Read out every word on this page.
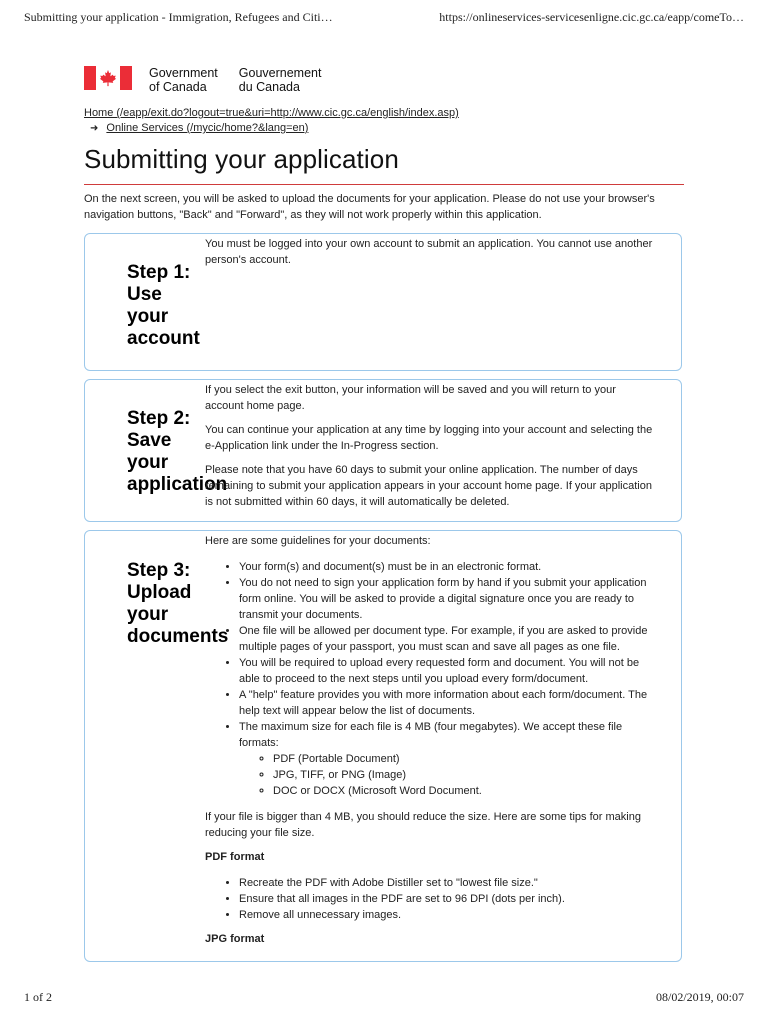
Submitting your application - Immigration, Refugees and Citi…	https://onlineservices-servicesenligne.cic.gc.ca/eapp/comeTo…
Government
of Canada
Gouvernement
du Canada
Home (/eapp/exit.do?logout=true&uri=http://www.cic.gc.ca/english/index.asp)
➜ Online Services (/mycic/home?&lang=en)
Submitting your application

On the next screen, you will be asked to upload the documents for your application. Please do not use your browser's navigation buttons, "Back" and "Forward", as they will not work properly within this application.

Step 1:
Use
your
account

You must be logged into your own account to submit an application. You cannot use another person's account.

Step 2:
Save
your
application

If you select the exit button, your information will be saved and you will return to your account home page.

You can continue your application at any time by logging into your account and selecting the e-Application link under the In-Progress section.

Please note that you have 60 days to submit your online application. The number of days remaining to submit your application appears in your account home page. If your application is not submitted within 60 days, it will automatically be deleted.

Step 3:
Upload
your
documents

Here are some guidelines for your documents:

• Your form(s) and document(s) must be in an electronic format.
• You do not need to sign your application form by hand if you submit your application form online. You will be asked to provide a digital signature once you are ready to transmit your documents.
• One file will be allowed per document type. For example, if you are asked to provide multiple pages of your passport, you must scan and save all pages as one file.
• You will be required to upload every requested form and document. You will not be able to proceed to the next steps until you upload every form/document.
• A "help" feature provides you with more information about each form/document. The help text will appear below the list of documents.
• The maximum size for each file is 4 MB (four megabytes). We accept these file formats:
◦ PDF (Portable Document)
◦ JPG, TIFF, or PNG (Image)
◦ DOC or DOCX (Microsoft Word Document.

If your file is bigger than 4 MB, you should reduce the size. Here are some tips for making reducing your file size.

PDF format

• Recreate the PDF with Adobe Distiller set to "lowest file size."
• Ensure that all images in the PDF are set to 96 DPI (dots per inch).
• Remove all unnecessary images.

JPG format

1 of 2	08/02/2019, 00:07
